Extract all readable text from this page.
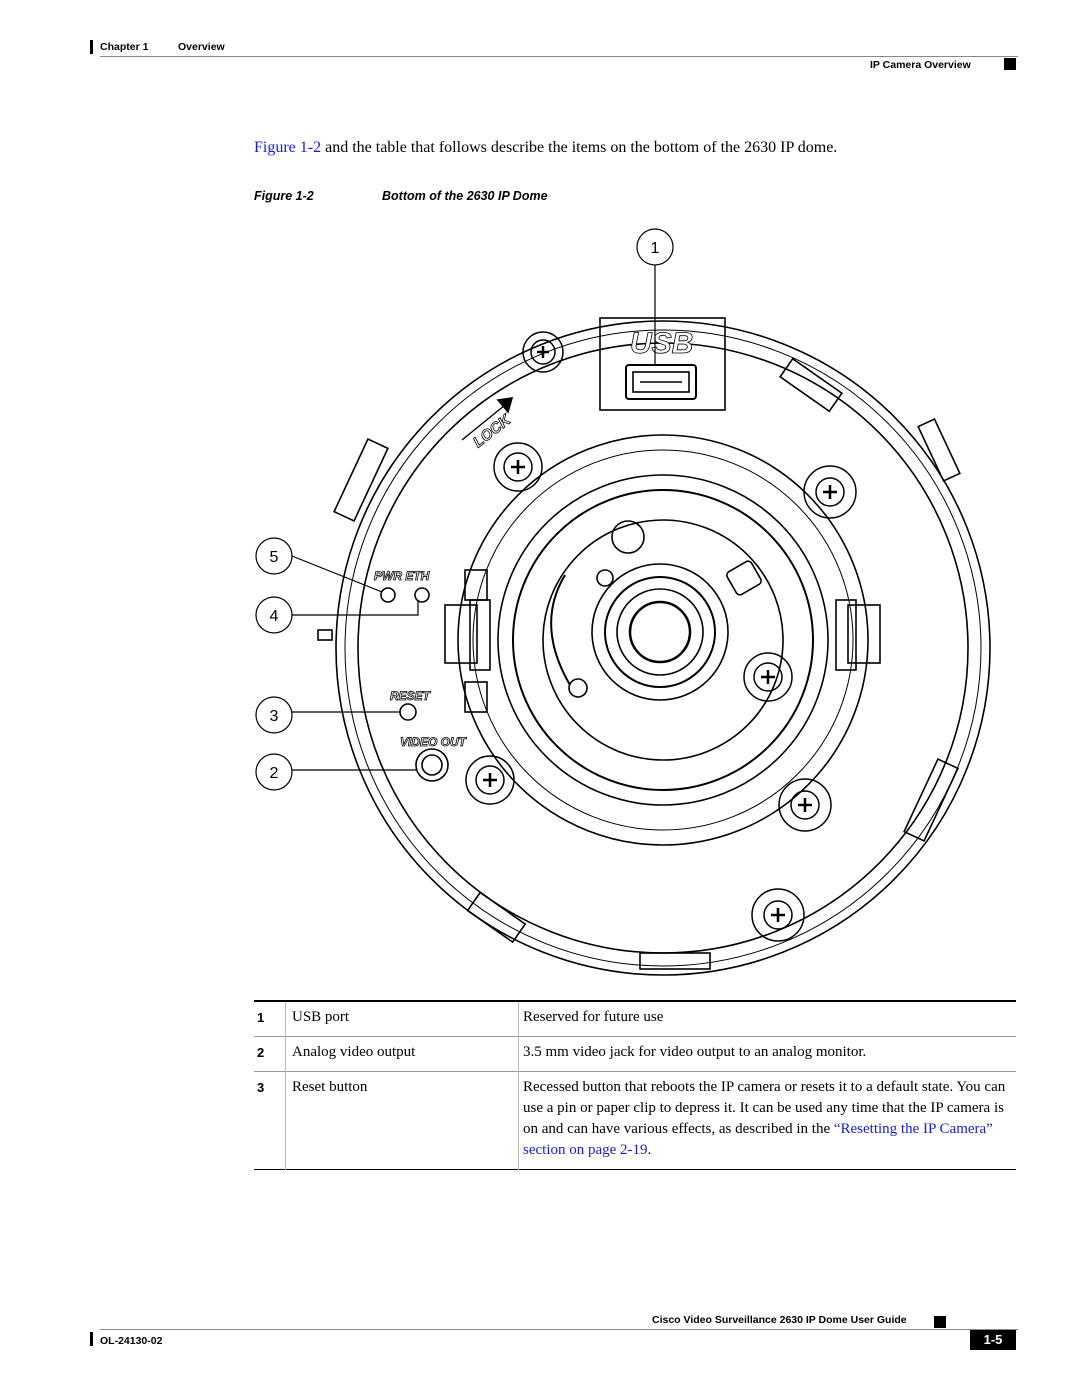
Chapter 1	Overview
IP Camera Overview
Figure 1-2 and the table that follows describe the items on the bottom of the 2630 IP dome.
Figure 1-2	Bottom of the 2630 IP Dome
USB
LOCK
PWR ETH
RESET
VIDEO OUT
1
5
4
3
2
1	USB port	Reserved for future use
2	Analog video output	3.5 mm video jack for video output to an analog monitor.
3	Reset button	Recessed button that reboots the IP camera or resets it to a default state. You can use a pin or paper clip to depress it. It can be used any time that the IP camera is on and can have various effects, as described in the “Resetting the IP Camera” section on page 2-19.
Cisco Video Surveillance 2630 IP Dome User Guide
OL-24130-02	1-5
